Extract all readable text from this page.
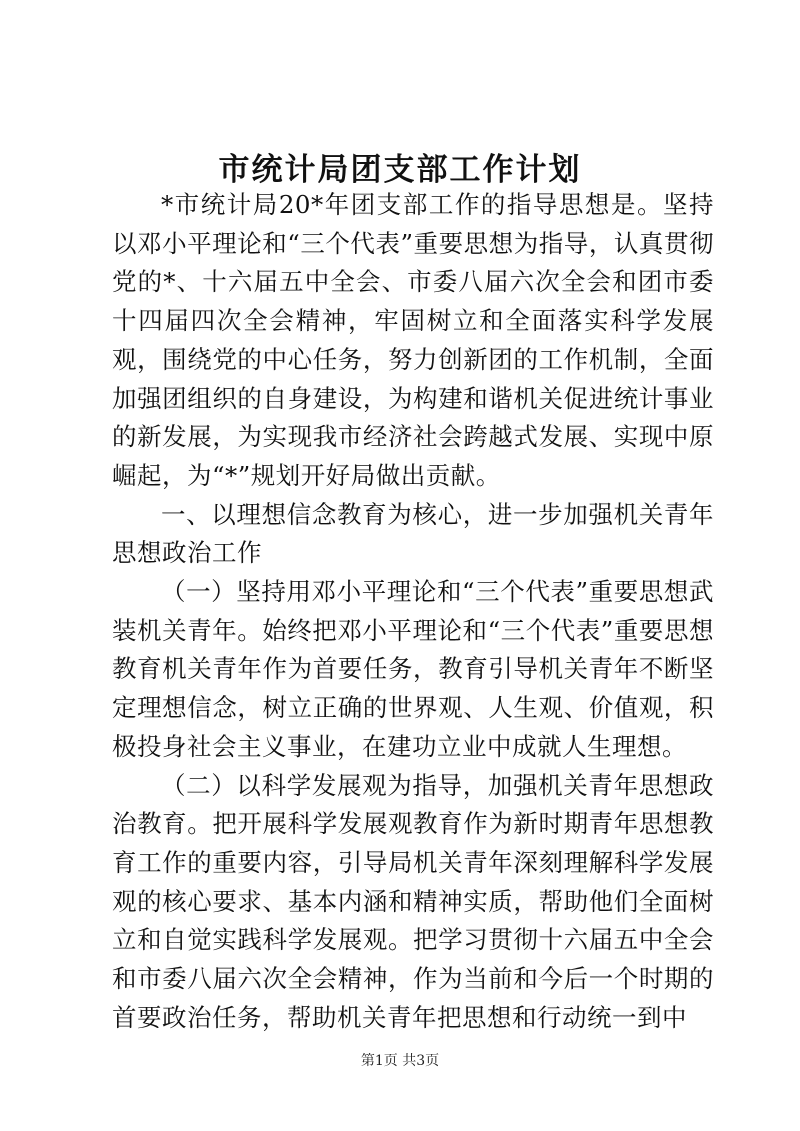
市统计局团支部工作计划

*市统计局20*年团支部工作的指导思想是。坚持以邓小平理论和“三个代表”重要思想为指导，认真贯彻党的*、十六届五中全会、市委八届六次全会和团市委十四届四次全会精神，牢固树立和全面落实科学发展观，围绕党的中心任务，努力创新团的工作机制，全面加强团组织的自身建设，为构建和谐机关促进统计事业的新发展，为实现我市经济社会跨越式发展、实现中原崛起，为“*”规划开好局做出贡献。

一、以理想信念教育为核心，进一步加强机关青年思想政治工作

（一）坚持用邓小平理论和“三个代表”重要思想武装机关青年。始终把邓小平理论和“三个代表”重要思想教育机关青年作为首要任务，教育引导机关青年不断坚定理想信念，树立正确的世界观、人生观、价值观，积极投身社会主义事业，在建功立业中成就人生理想。

（二）以科学发展观为指导，加强机关青年思想政治教育。把开展科学发展观教育作为新时期青年思想教育工作的重要内容，引导局机关青年深刻理解科学发展观的核心要求、基本内涵和精神实质，帮助他们全面树立和自觉实践科学发展观。把学习贯彻十六届五中全会和市委八届六次全会精神，作为当前和今后一个时期的首要政治任务，帮助机关青年把思想和行动统一到中

第1页 共3页
